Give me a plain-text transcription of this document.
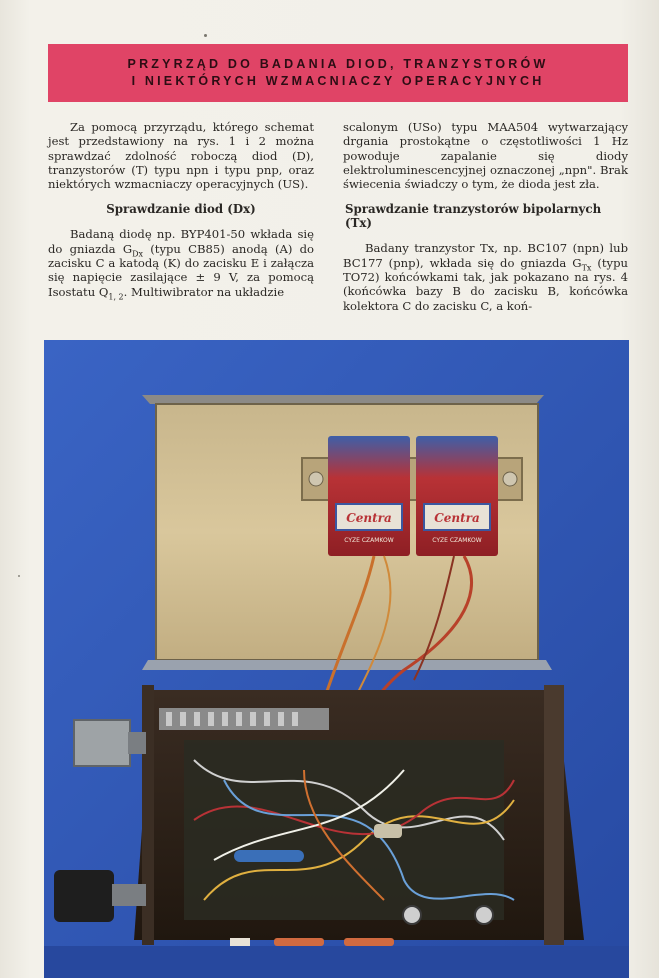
PRZYRZĄD DO BADANIA DIOD, TRANZYSTORÓW
I NIEKTÓRYCH WZMACNIACZY OPERACYJNYCH

Za pomocą przyrządu, którego schemat jest przedstawiony na rys. 1 i 2 można sprawdzać zdolność roboczą diod (D), tranzystorów (T) typu npn i typu pnp, oraz niektórych wzmacniaczy operacyjnych (US).

Sprawdzanie diod (Dx)

Badaną diodę np. BYP401-50 wkłada się do gniazda $G_{Dx}$ (typu CB85) anodą (A) do zacisku C a katodą (K) do zacisku E i załącza się napięcie zasilające ± 9 V, za pomocą Isostatu $Q_{1, 2}$. Multiwibrator na układzie

scalonym (USo) typu MAA504 wytwarzający drgania prostokątne o częstotliwości 1 Hz powoduje zapalanie się diody elektroluminescencyjnej oznaczonej „npn". Brak świecenia świadczy o tym, że dioda jest zła.

Sprawdzanie tranzystorów bipolarnych (Tx)

Badany tranzystor Tx, np. BC107 (npn) lub BC177 (pnp), wkłada się do gniazda $G_{Tx}$ (typu TO72) końcówkami tak, jak pokazano na rys. 4 (końcówka bazy B do zacisku B, końcówka kolektora C do zacisku C, a koń-

Centra	Centra
CYZE CZAMKOW	CYZE CZAMKOW
